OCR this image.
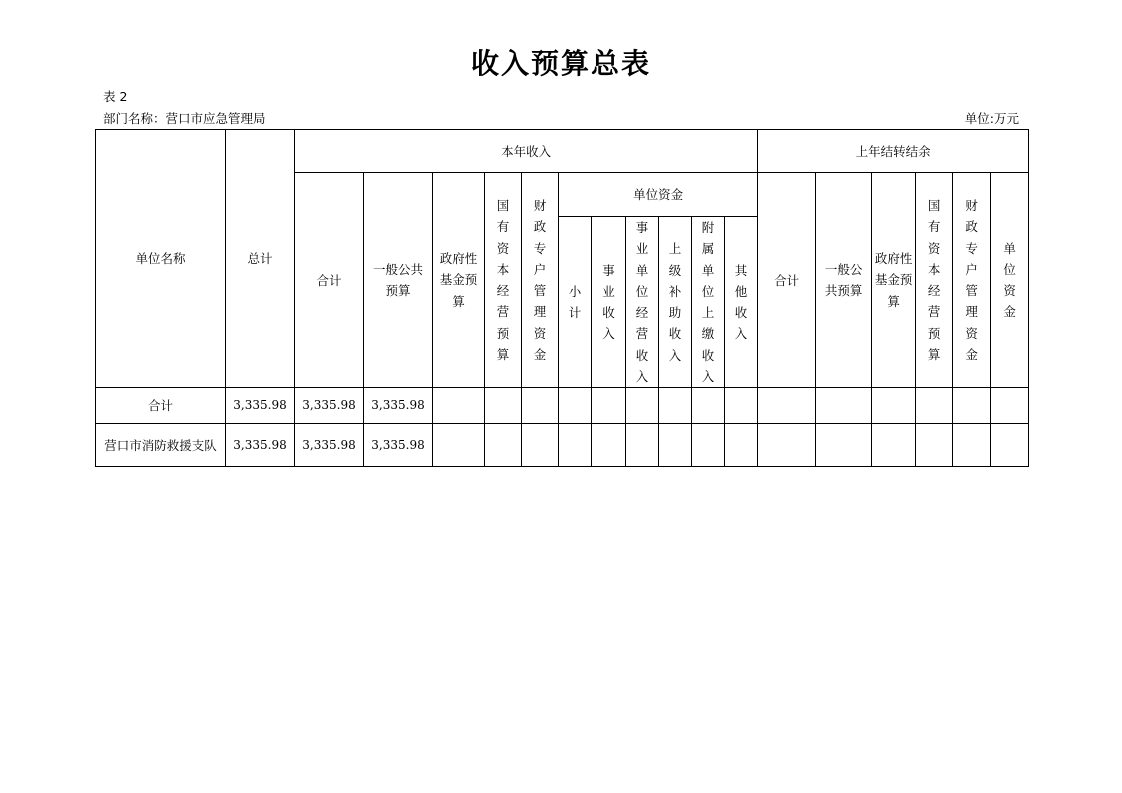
收入预算总表
表 2
部门名称：营口市应急管理局	单位:万元
单位名称	总计	本年收入											上年结转结余					
		合计	一般公共预算	政府性基金预算	国有资本经营预算	财政专户管理资金	单位资金						合计	一般公共预算	政府性基金预算	国有资本经营预算	财政专户管理资金	单位资金
							小计	事业收入	事业单位经营收入	上级补助收入	附属单位上缴收入	其他收入						
合计	3,335.98	3,335.98	3,335.98															
营口市消防救援支队	3,335.98	3,335.98	3,335.98															
